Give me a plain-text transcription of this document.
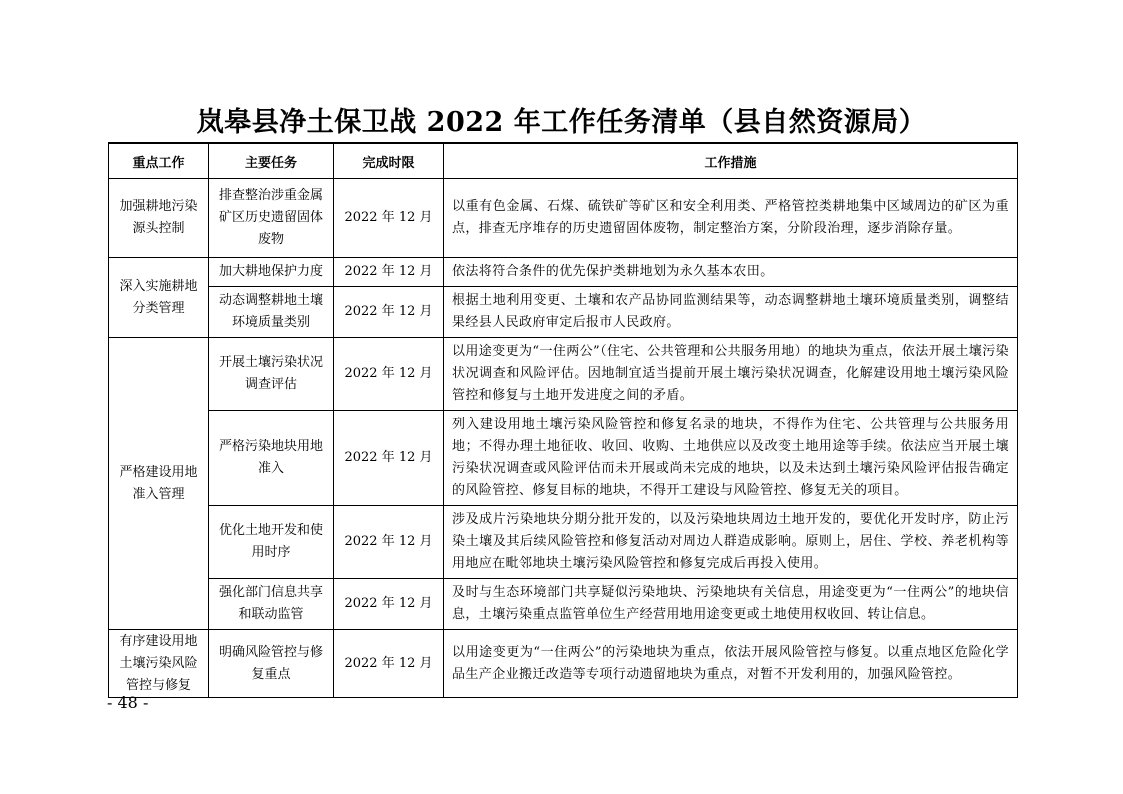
岚皋县净土保卫战 2022 年工作任务清单（县自然资源局）
重点工作	主要任务	完成时限	工作措施
加强耕地污染源头控制	排查整治涉重金属矿区历史遗留固体废物	2022 年 12 月	以重有色金属、石煤、硫铁矿等矿区和安全利用类、严格管控类耕地集中区域周边的矿区为重点，排查无序堆存的历史遗留固体废物，制定整治方案，分阶段治理，逐步消除存量。
深入实施耕地分类管理	加大耕地保护力度	2022 年 12 月	依法将符合条件的优先保护类耕地划为永久基本农田。
	动态调整耕地土壤环境质量类别	2022 年 12 月	根据土地利用变更、土壤和农产品协同监测结果等，动态调整耕地土壤环境质量类别，调整结果经县人民政府审定后报市人民政府。
严格建设用地准入管理	开展土壤污染状况调查评估	2022 年 12 月	以用途变更为“一住两公”（住宅、公共管理和公共服务用地）的地块为重点，依法开展土壤污染状况调查和风险评估。因地制宜适当提前开展土壤污染状况调查，化解建设用地土壤污染风险管控和修复与土地开发进度之间的矛盾。
	严格污染地块用地准入	2022 年 12 月	列入建设用地土壤污染风险管控和修复名录的地块，不得作为住宅、公共管理与公共服务用地；不得办理土地征收、收回、收购、土地供应以及改变土地用途等手续。依法应当开展土壤污染状况调查或风险评估而未开展或尚未完成的地块，以及未达到土壤污染风险评估报告确定的风险管控、修复目标的地块，不得开工建设与风险管控、修复无关的项目。
	优化土地开发和使用时序	2022 年 12 月	涉及成片污染地块分期分批开发的，以及污染地块周边土地开发的，要优化开发时序，防止污染土壤及其后续风险管控和修复活动对周边人群造成影响。原则上，居住、学校、养老机构等用地应在毗邻地块土壤污染风险管控和修复完成后再投入使用。
	强化部门信息共享和联动监管	2022 年 12 月	及时与生态环境部门共享疑似污染地块、污染地块有关信息，用途变更为“一住两公”的地块信息，土壤污染重点监管单位生产经营用地用途变更或土地使用权收回、转让信息。
有序建设用地土壤污染风险管控与修复	明确风险管控与修复重点	2022 年 12 月	以用途变更为“一住两公”的污染地块为重点，依法开展风险管控与修复。以重点地区危险化学品生产企业搬迁改造等专项行动遗留地块为重点，对暂不开发利用的，加强风险管控。
- 48 -
